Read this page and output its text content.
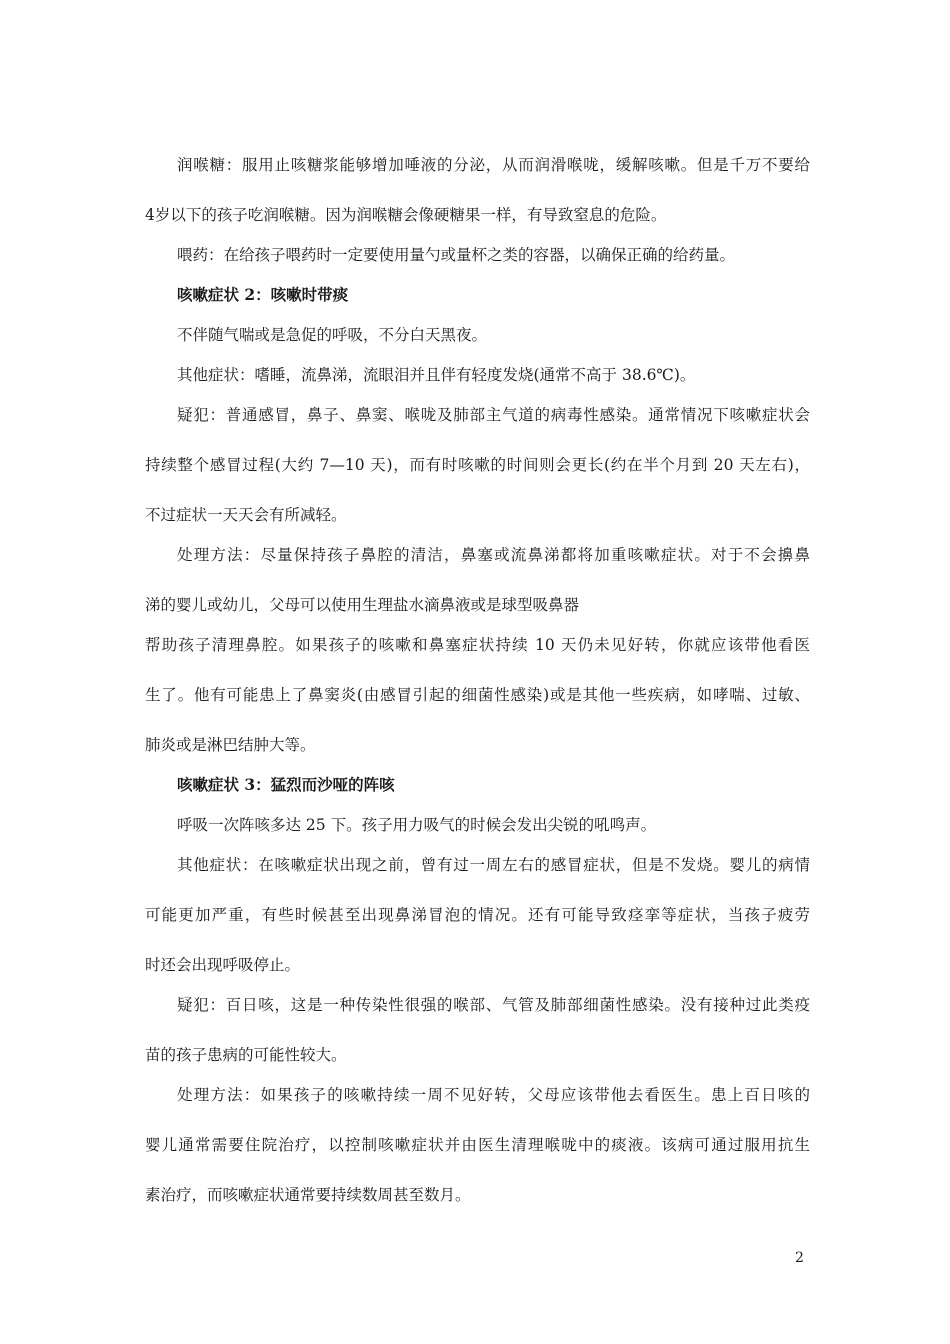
润喉糖：服用止咳糖浆能够增加唾液的分泌，从而润滑喉咙，缓解咳嗽。但是千万不要给
4岁以下的孩子吃润喉糖。因为润喉糖会像硬糖果一样，有导致窒息的危险。
喂药：在给孩子喂药时一定要使用量勺或量杯之类的容器，以确保正确的给药量。
咳嗽症状 2：咳嗽时带痰
不伴随气喘或是急促的呼吸，不分白天黑夜。
其他症状：嗜睡，流鼻涕，流眼泪并且伴有轻度发烧(通常不高于 38.6℃)。
疑犯：普通感冒，鼻子、鼻窦、喉咙及肺部主气道的病毒性感染。通常情况下咳嗽症状会
持续整个感冒过程(大约 7—10 天)，而有时咳嗽的时间则会更长(约在半个月到 20 天左右)，
不过症状一天天会有所减轻。
处理方法：尽量保持孩子鼻腔的清洁，鼻塞或流鼻涕都将加重咳嗽症状。对于不会擤鼻
涕的婴儿或幼儿，父母可以使用生理盐水滴鼻液或是球型吸鼻器
帮助孩子清理鼻腔。如果孩子的咳嗽和鼻塞症状持续 10 天仍未见好转，你就应该带他看医
生了。他有可能患上了鼻窦炎(由感冒引起的细菌性感染)或是其他一些疾病，如哮喘、过敏、
肺炎或是淋巴结肿大等。
咳嗽症状 3：猛烈而沙哑的阵咳
呼吸一次阵咳多达 25 下。孩子用力吸气的时候会发出尖锐的吼鸣声。
其他症状：在咳嗽症状出现之前，曾有过一周左右的感冒症状，但是不发烧。婴儿的病情
可能更加严重，有些时候甚至出现鼻涕冒泡的情况。还有可能导致痉挛等症状，当孩子疲劳
时还会出现呼吸停止。
疑犯：百日咳，这是一种传染性很强的喉部、气管及肺部细菌性感染。没有接种过此类疫
苗的孩子患病的可能性较大。
处理方法：如果孩子的咳嗽持续一周不见好转，父母应该带他去看医生。患上百日咳的
婴儿通常需要住院治疗，以控制咳嗽症状并由医生清理喉咙中的痰液。该病可通过服用抗生
素治疗，而咳嗽症状通常要持续数周甚至数月。
2
